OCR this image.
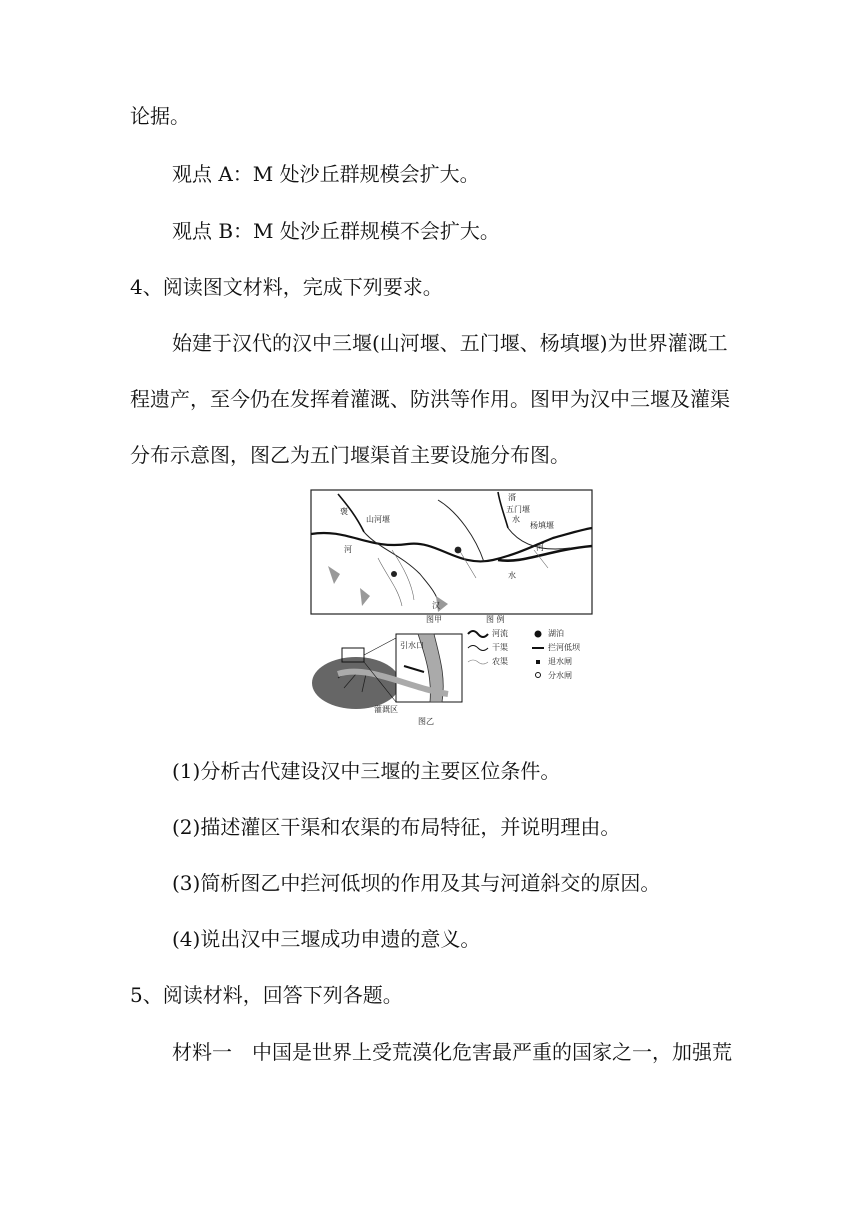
论据。
观点 A：M 处沙丘群规模会扩大。
观点 B：M 处沙丘群规模不会扩大。
4、阅读图文材料，完成下列要求。
始建于汉代的汉中三堰(山河堰、五门堰、杨填堰)为世界灌溉工
程遗产，至今仍在发挥着灌溉、防洪等作用。图甲为汉中三堰及灌渠
分布示意图，图乙为五门堰渠首主要设施分布图。
湑
五门堰
水
杨填堰
褒
山河堰
河	河
水
汉
图甲	图 例
河流
干渠
农渠
湖泊
拦河低坝
退水闸
分水闸
引水口
灌溉区
图乙
(1)分析古代建设汉中三堰的主要区位条件。
(2)描述灌区干渠和农渠的布局特征，并说明理由。
(3)简析图乙中拦河低坝的作用及其与河道斜交的原因。
(4)说出汉中三堰成功申遗的意义。
5、阅读材料，回答下列各题。
材料一　中国是世界上受荒漠化危害最严重的国家之一，加强荒
